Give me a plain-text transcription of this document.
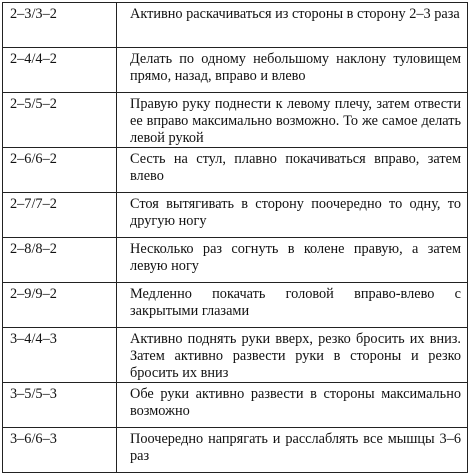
2–3/3–2	Активно раскачиваться из стороны в сторону 2–3 раза
2–4/4–2	Делать по одному небольшому наклону туловищем прямо, назад, вправо и влево
2–5/5–2	Правую руку поднести к левому плечу, затем отвести ее вправо максимально возможно. То же самое делать левой рукой
2–6/6–2	Сесть на стул, плавно покачиваться вправо, затем влево
2–7/7–2	Стоя вытягивать в сторону поочередно то одну, то другую ногу
2–8/8–2	Несколько раз согнуть в колене правую, а затем левую ногу
2–9/9–2	Медленно покачать головой вправо-влево с закрытыми глазами
3–4/4–3	Активно поднять руки вверх, резко бросить их вниз. Затем активно развести руки в стороны и резко бросить их вниз
3–5/5–3	Обе руки активно развести в стороны максимально возможно
3–6/6–3	Поочередно напрягать и расслаблять все мышцы 3–6 раз
